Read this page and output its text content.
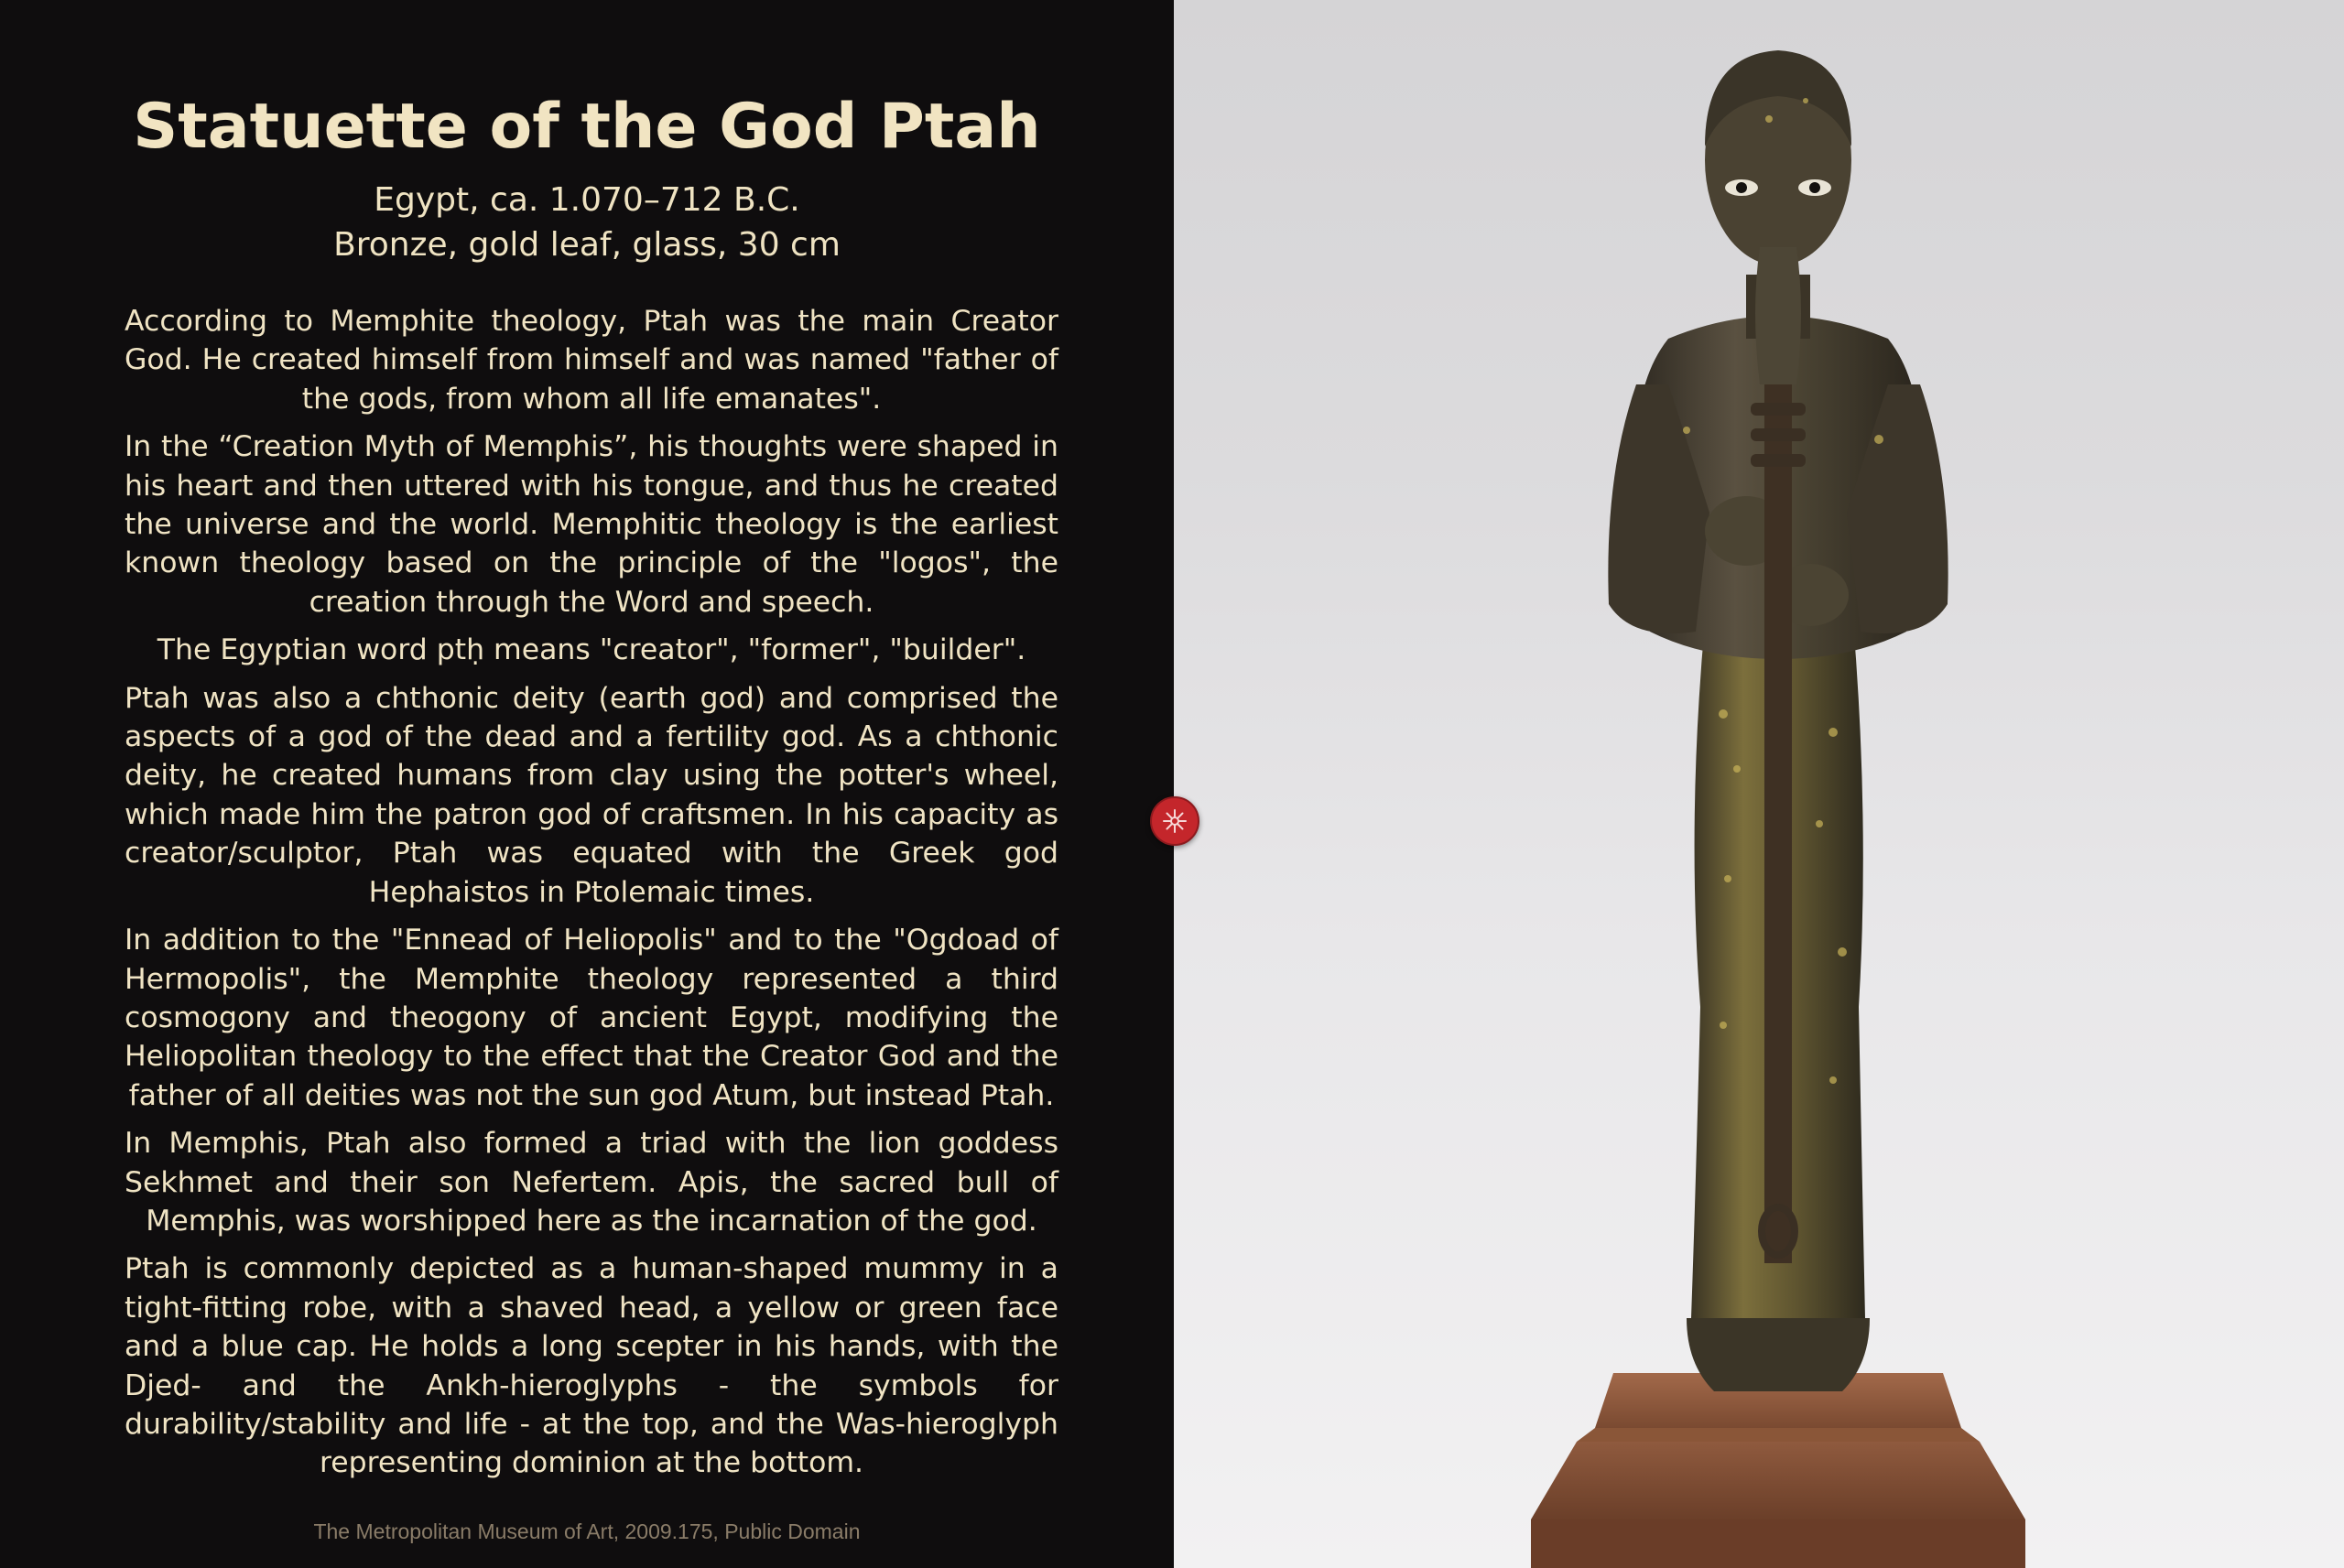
Statuette of the God Ptah
Egypt, ca. 1.070–712 B.C.
Bronze, gold leaf, glass, 30 cm

According to Memphite theology, Ptah was the main Creator God. He created himself from himself and was named "father of the gods, from whom all life emanates".

In the “Creation Myth of Memphis”, his thoughts were shaped in his heart and then uttered with his tongue, and thus he created the universe and the world. Memphitic theology is the earliest known theology based on the principle of the "logos", the creation through the Word and speech.

The Egyptian word ptḥ means "creator", "former", "builder".

Ptah was also a chthonic deity (earth god) and comprised the aspects of a god of the dead and a fertility god. As a chthonic deity, he created humans from clay using the potter's wheel, which made him the patron god of craftsmen. In his capacity as creator/sculptor, Ptah was equated with the Greek god Hephaistos in Ptolemaic times.

In addition to the "Ennead of Heliopolis" and to the "Ogdoad of Hermopolis", the Memphite theology represented a third cosmogony and theogony of ancient Egypt, modifying the Heliopolitan theology to the effect that the Creator God and the father of all deities was not the sun god Atum, but instead Ptah.

In Memphis, Ptah also formed a triad with the lion goddess Sekhmet and their son Nefertem. Apis, the sacred bull of Memphis, was worshipped here as the incarnation of the god.

Ptah is commonly depicted as a human-shaped mummy in a tight-fitting robe, with a shaved head, a yellow or green face and a blue cap. He holds a long scepter in his hands, with the Djed- and the Ankh-hieroglyphs - the symbols for durability/stability and life - at the top, and the Was-hieroglyph representing dominion at the bottom.

The Metropolitan Museum of Art, 2009.175, Public Domain
